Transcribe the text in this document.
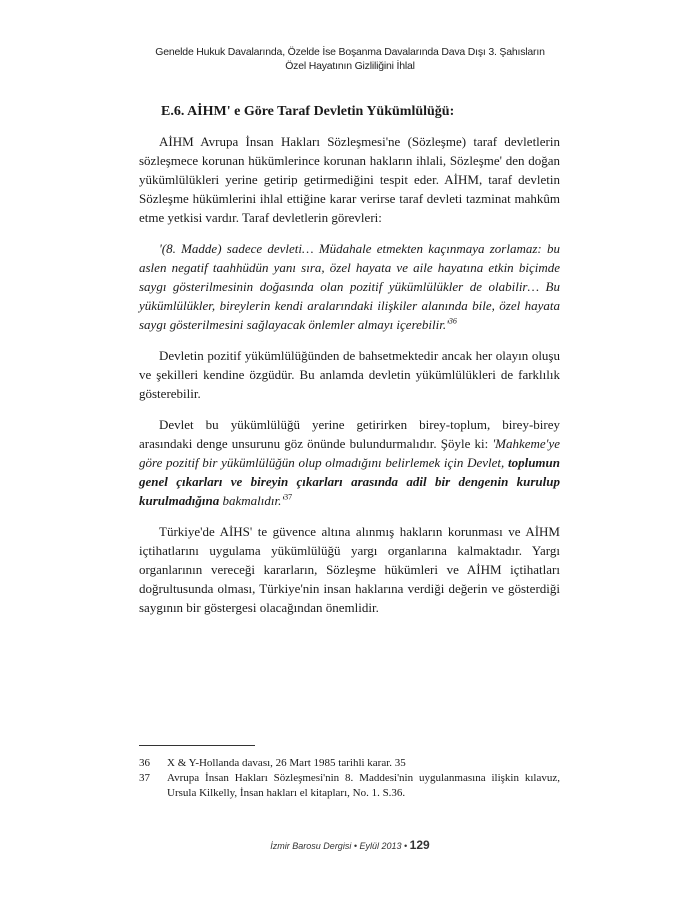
Genelde Hukuk Davalarında, Özelde İse Boşanma Davalarında Dava Dışı 3. Şahısların
Özel Hayatının Gizliliğini İhlal
E.6. AİHM' e Göre Taraf Devletin Yükümlülüğü:

AİHM Avrupa İnsan Hakları Sözleşmesi'ne (Sözleşme) taraf devletlerin sözleşmece korunan hükümlerince korunan hakların ihlali, Sözleşme' den doğan yükümlülükleri yerine getirip getirmediğini tespit eder. AİHM, taraf devletin Sözleşme hükümlerini ihlal ettiğine karar verirse taraf devleti tazminat mahkûm etme yetkisi vardır. Taraf devletlerin görevleri:

'(8. Madde) sadece devleti… Müdahale etmekten kaçınmaya zorlamaz: bu aslen negatif taahhüdün yanı sıra, özel hayata ve aile hayatına etkin biçimde saygı gösterilmesinin doğasında olan pozitif yükümlülükler de olabilir… Bu yükümlülükler, bireylerin kendi aralarındaki ilişkiler alanında bile, özel hayata saygı gösterilmesini sağlayacak önlemler almayı $içerebilir.'^{36}$

Devletin pozitif yükümlülüğünden de bahsetmektedir ancak her olayın oluşu ve şekilleri kendine özgüdür. Bu anlamda devletin yükümlülükleri de farklılık gösterebilir.

Devlet bu yükümlülüğü yerine getirirken birey-toplum, birey-birey arasındaki denge unsurunu göz önünde bulundurmalıdır. Şöyle ki: 'Mahkeme'ye göre pozitif bir yükümlülüğün olup olmadığını belirlemek için Devlet, toplumun genel çıkarları ve bireyin çıkarları arasında adil bir dengenin kurulup kurulmadığına $bakmalıdır.'^{37}$

Türkiye'de AİHS' te güvence altına alınmış hakların korunması ve AİHM içtihatlarını uygulama yükümlülüğü yargı organlarına kalmaktadır. Yargı organlarının vereceği kararların, Sözleşme hükümleri ve AİHM içtihatları doğrultusunda olması, Türkiye'nin insan haklarına verdiği değerin ve gösterdiği saygının bir göstergesi olacağından önemlidir.

36 X & Y-Hollanda davası, 26 Mart 1985 tarihli karar. 35
37 Avrupa İnsan Hakları Sözleşmesi'nin 8. Maddesi'nin uygulanmasına ilişkin kılavuz, Ursula Kilkelly, İnsan hakları el kitapları, No. 1. S.36.
İzmir Barosu Dergisi • Eylül 2013 • 129
